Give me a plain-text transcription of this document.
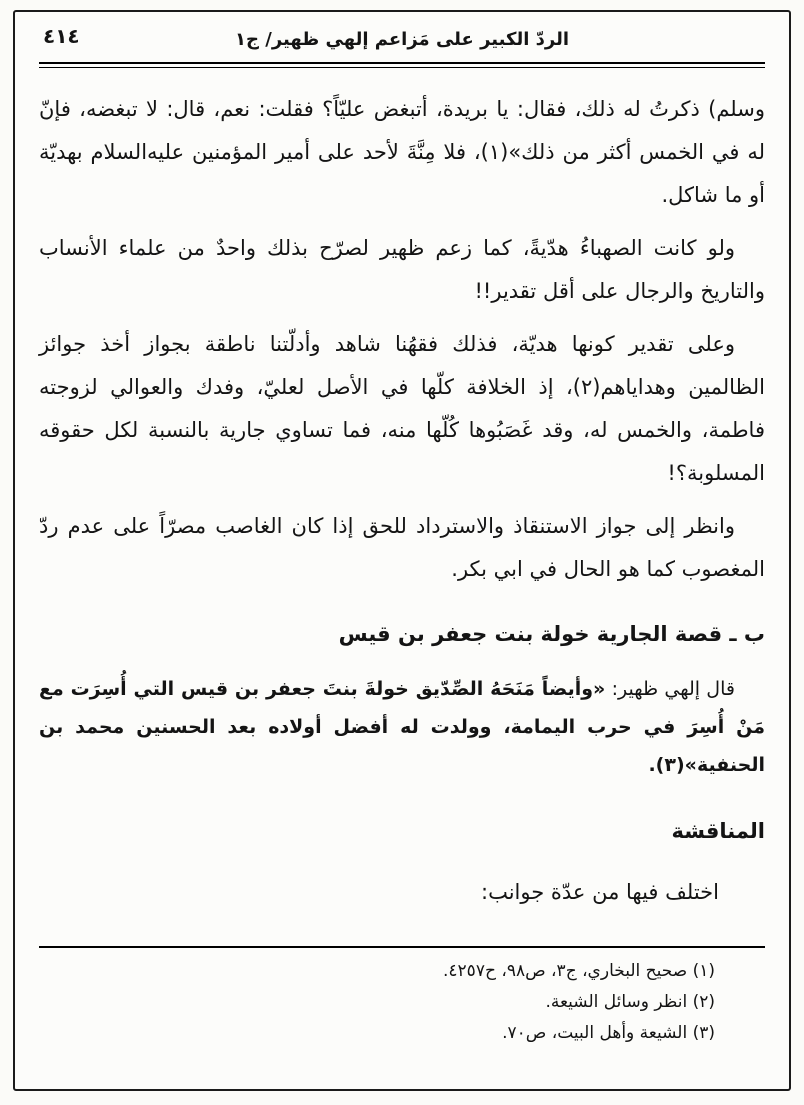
الردّ الكبير على مَزاعم إلهي ظهير/ ج١
٤١٤

وسلم) ذكرتُ له ذلك، فقال: يا بريدة، أتبغض عليّاً؟ فقلت: نعم، قال: لا تبغضه، فإنّ له في الخمس أكثر من ذلك»(١)، فلا مِنَّةَ لأحد على أمير المؤمنين عليه‌السلام بهديّة أو ما شاكل.

ولو كانت الصهباءُ هدّيةً، كما زعم ظهير لصرّح بذلك واحدٌ من علماء الأنساب والتاريخ والرجال على أقل تقدير!!

وعلى تقدير كونها هديّة، فذلك فقهُنا شاهد وأدلّتنا ناطقة بجواز أخذ جوائز الظالمين وهداياهم(٢)، إذ الخلافة كلّها في الأصل لعليّ، وفدك والعوالي لزوجته فاطمة، والخمس له، وقد غَصَبُوها كُلّها منه، فما تساوي جارية بالنسبة لكل حقوقه المسلوبة؟!

وانظر إلى جواز الاستنقاذ والاسترداد للحق إذا كان الغاصب مصرّاً على عدم ردّ المغصوب كما هو الحال في ابي بكر.

ب ـ قصة الجارية خولة بنت جعفر بن قيس

قال إلهي ظهير: «وأيضاً مَنَحَهُ الصِّدّيق خولةَ بنتَ جعفر بن قيس التي أُسِرَت مع مَنْ أُسِرَ في حرب اليمامة، وولدت له أفضل أولاده بعد الحسنين محمد بن الحنفية»(٣).

المناقشة

اختلف فيها من عدّة جوانب:

(١) صحيح البخاري، ج٣، ص٩٨، ح٤٢٥٧.

(٢) انظر وسائل الشيعة.

(٣) الشيعة وأهل البيت، ص٧٠.
